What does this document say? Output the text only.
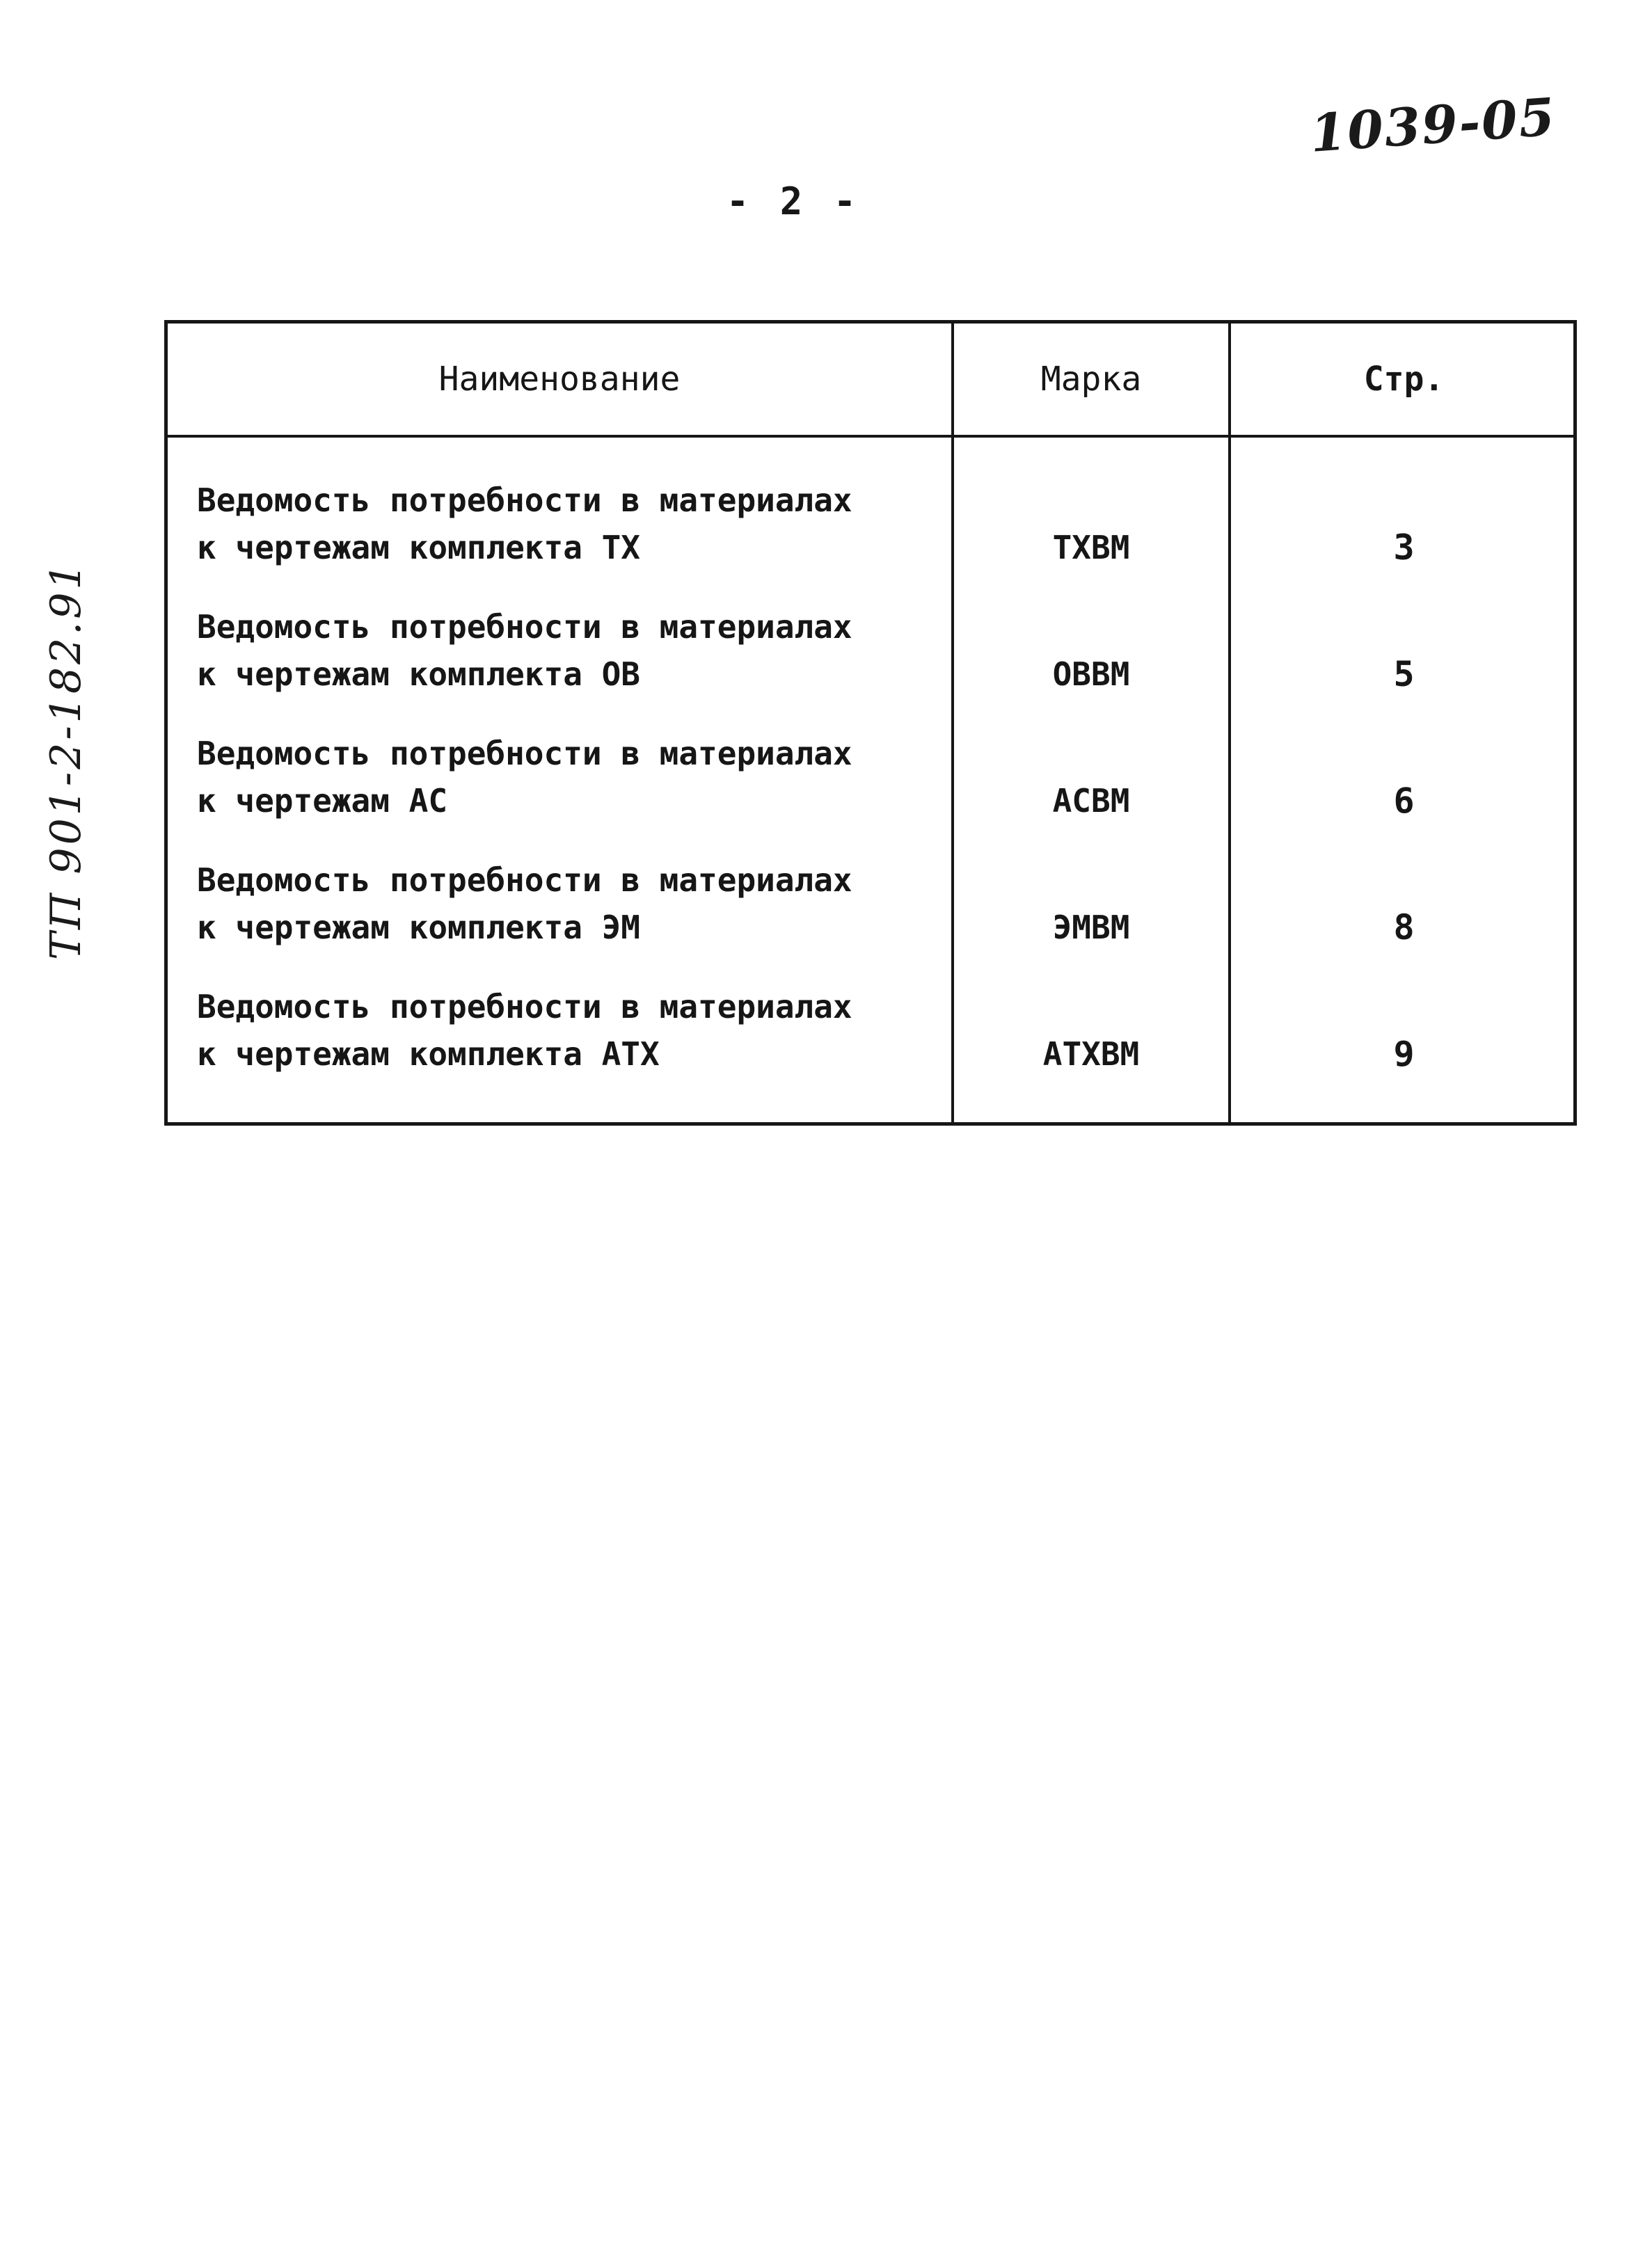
1039-05
- 2 -
ТП 901-2-182.91
Наименование	Марка	Стр.
Ведомость потребности в материалах
к чертежам комплекта ТХ	ТХВМ	3
Ведомость потребности в материалах
к чертежам комплекта ОВ	ОВВМ	5
Ведомость потребности в материалах
к чертежам АС	АСВМ	6
Ведомость потребности в материалах
к чертежам комплекта ЭМ	ЭМВМ	8
Ведомость потребности в материалах
к чертежам комплекта АТХ	АТХВМ	9
